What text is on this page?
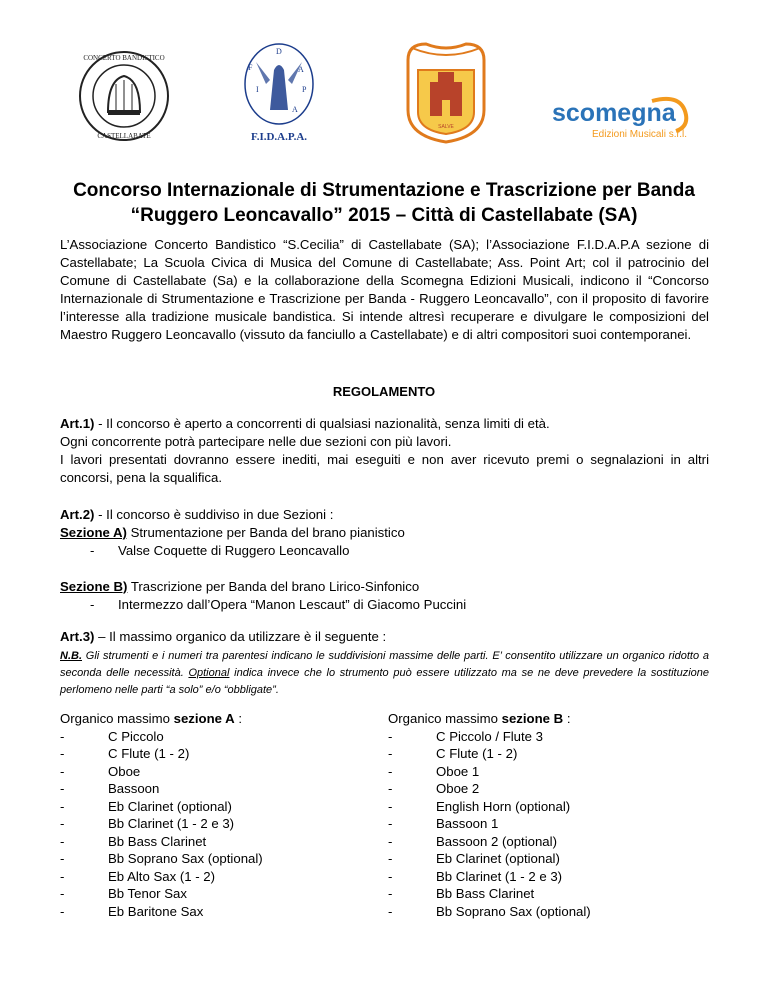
CONCERTO BANDISTICO
CASTELLABATE
F
I
D
A
P
A
F.I.D.A.P.A.
SALVE	scomegna
Edizioni Musicali s.r.l.
Concorso Internazionale di Strumentazione e Trascrizione per Banda
“Ruggero Leoncavallo” 2015 – Città di Castellabate (SA)
L’Associazione Concerto Bandistico “S.Cecilia” di Castellabate (SA); l’Associazione F.I.D.A.P.A sezione di Castellabate; La Scuola Civica di Musica del Comune di Castellabate; Ass. Point Art; col il patrocinio del Comune di Castellabate (Sa) e la collaborazione della Scomegna Edizioni Musicali, indicono il “Concorso Internazionale di Strumentazione e Trascrizione per Banda - Ruggero Leoncavallo”, con il proposito di favorire l’interesse alla tradizione musicale bandistica. Si intende altresì recuperare e divulgare le composizioni del Maestro Ruggero Leoncavallo (vissuto da fanciullo a Castellabate) e di altri compositori suoi contemporanei.
REGOLAMENTO
Art.1) - Il concorso è aperto a concorrenti di qualsiasi nazionalità, senza limiti di età.
Ogni concorrente potrà partecipare nelle due sezioni con più lavori.
I lavori presentati dovranno essere inediti, mai eseguiti e non aver ricevuto premi o segnalazioni in altri concorsi, pena la squalifica.
Art.2) - Il concorso è suddiviso in due Sezioni :
Sezione A) Strumentazione per Banda del brano pianistico
-	Valse Coquette di Ruggero Leoncavallo
Sezione B) Trascrizione per Banda del brano Lirico-Sinfonico
-	Intermezzo dall’Opera “Manon Lescaut” di Giacomo Puccini
Art.3) – Il massimo organico da utilizzare è il seguente :
N.B. Gli strumenti e i numeri tra parentesi indicano le suddivisioni massime delle parti. E’ consentito utilizzare un organico ridotto a seconda delle necessità. Optional indica invece che lo strumento può essere utilizzato ma se ne deve prevedere la sostituzione perlomeno nelle parti “a solo” e/o “obbligate”.
Organico massimo sezione A :
-	C Piccolo
-	C Flute (1 - 2)
-	Oboe
-	Bassoon
-	Eb Clarinet (optional)
-	Bb Clarinet (1 - 2 e 3)
-	Bb Bass Clarinet
-	Bb Soprano Sax (optional)
-	Eb Alto Sax (1 - 2)
-	Bb Tenor Sax
-	Eb Baritone Sax
Organico massimo sezione B :
-	C Piccolo / Flute 3
-	C Flute (1 - 2)
-	Oboe 1
-	Oboe 2
-	English Horn (optional)
-	Bassoon 1
-	Bassoon 2 (optional)
-	Eb Clarinet (optional)
-	Bb Clarinet (1 - 2 e 3)
-	Bb Bass Clarinet
-	Bb Soprano Sax (optional)
